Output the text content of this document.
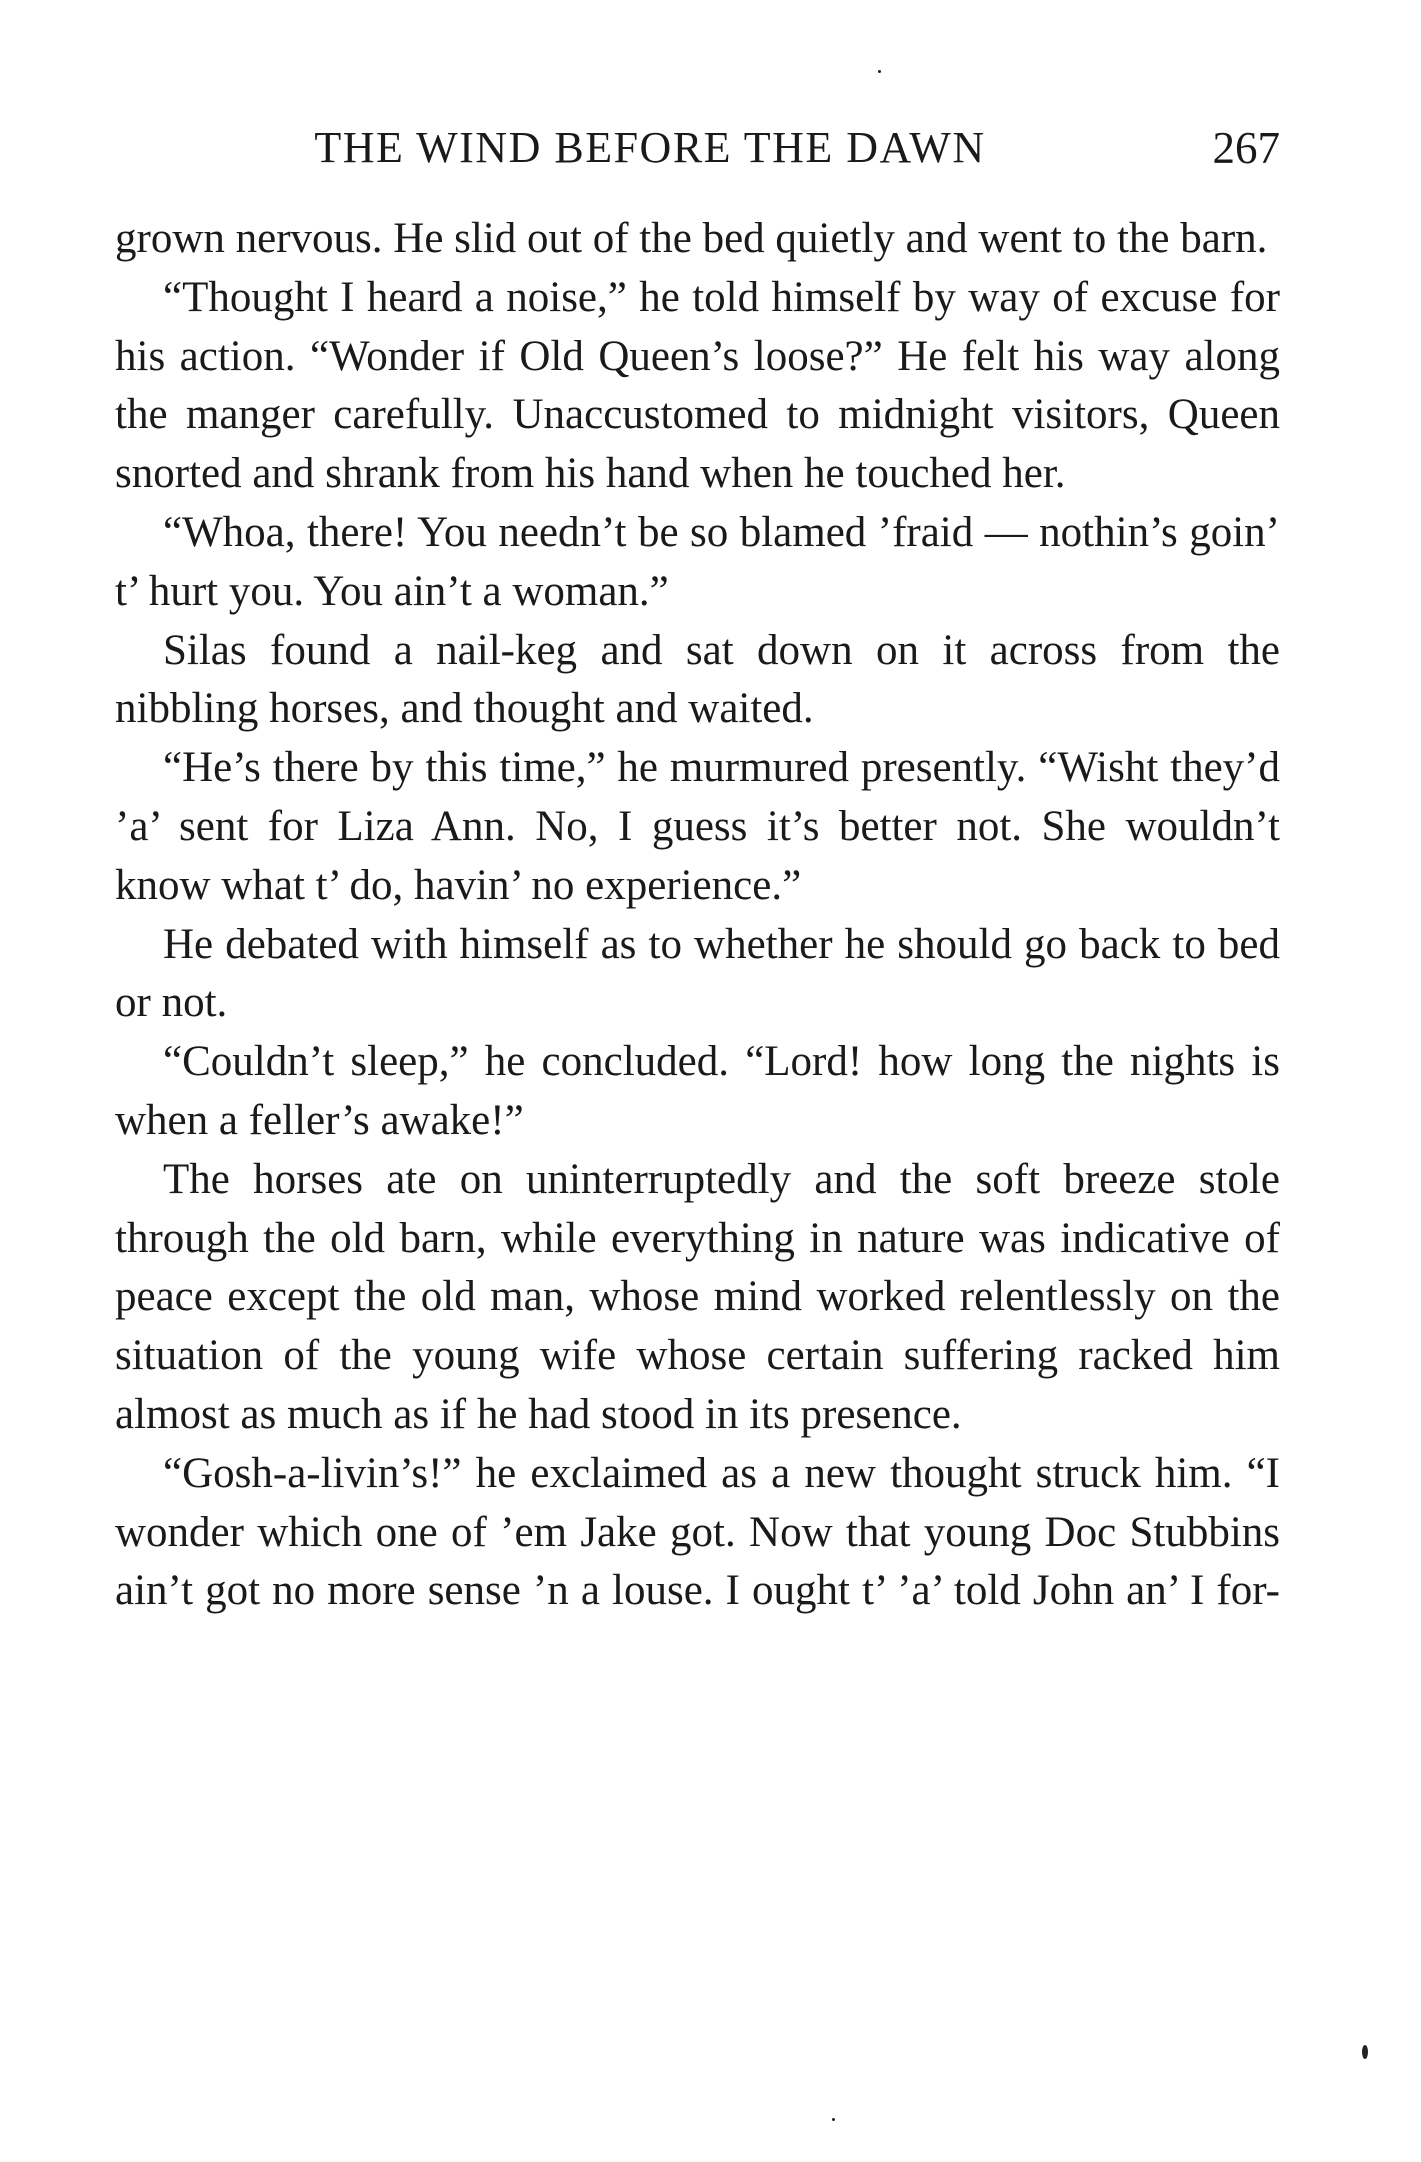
THE WIND BEFORE THE DAWN	267

grown nervous. He slid out of the bed quietly and went to the barn.

“Thought I heard a noise,” he told himself by way of excuse for his action. “Wonder if Old Queen’s loose?” He felt his way along the manger carefully. Unaccustomed to midnight visitors, Queen snorted and shrank from his hand when he touched her.

“Whoa, there! You needn’t be so blamed ’fraid — nothin’s goin’ t’ hurt you. You ain’t a woman.”

Silas found a nail-keg and sat down on it across from the nibbling horses, and thought and waited.

“He’s there by this time,” he murmured presently. “Wisht they’d ’a’ sent for Liza Ann. No, I guess it’s better not. She wouldn’t know what t’ do, havin’ no experience.”

He debated with himself as to whether he should go back to bed or not.

“Couldn’t sleep,” he concluded. “Lord! how long the nights is when a feller’s awake!”

The horses ate on uninterruptedly and the soft breeze stole through the old barn, while everything in nature was indicative of peace except the old man, whose mind worked relentlessly on the situation of the young wife whose certain suffering racked him almost as much as if he had stood in its presence.

“Gosh-a-livin’s!” he exclaimed as a new thought struck him. “I wonder which one of ’em Jake got. Now that young Doc Stubbins ain’t got no more sense ’n a louse. I ought t’ ’a’ told John an’ I for-
